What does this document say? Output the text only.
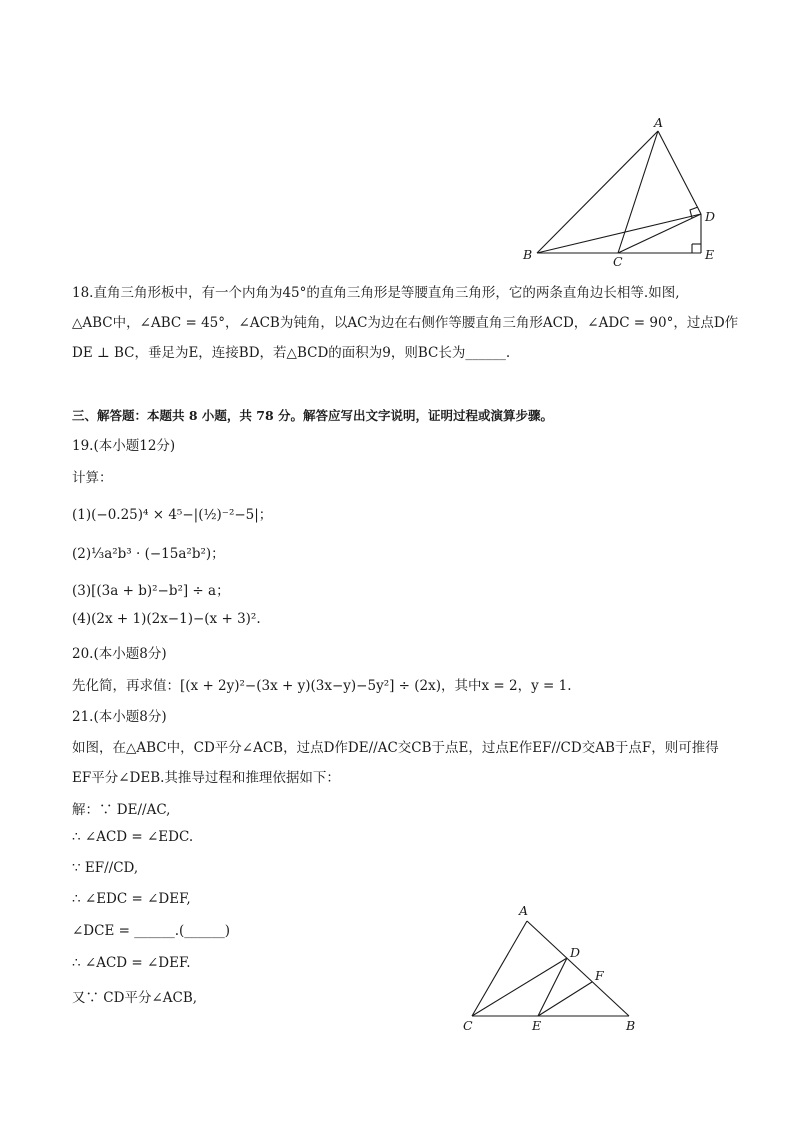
A
B	C
D
E
18.直角三角形板中，有一个内角为45°的直角三角形是等腰直角三角形，它的两条直角边长相等.如图,
△ABC中，∠ABC = 45°，∠ACB为钝角，以AC为边在右侧作等腰直角三角形ACD，∠ADC = 90°，过点D作
DE ⊥ BC，垂足为E，连接BD，若△BCD的面积为9，则BC长为______.
三、解答题：本题共 8 小题，共 78 分。解答应写出文字说明，证明过程或演算步骤。
19.(本小题12分)
计算：
(1)(−0.25)⁴ × 4⁵−|(½)⁻²−5|；
(2)⅓a²b³ · (−15a²b²)；
(3)[(3a + b)²−b²] ÷ a；
(4)(2x + 1)(2x−1)−(x + 3)².
20.(本小题8分)
先化简，再求值：[(x + 2y)²−(3x + y)(3x−y)−5y²] ÷ (2x)，其中x = 2，y = 1.
21.(本小题8分)
如图，在△ABC中，CD平分∠ACB，过点D作DE//AC交CB于点E，过点E作EF//CD交AB于点F，则可推得
EF平分∠DEB.其推导过程和推理依据如下：
解：∵ DE//AC,
∴ ∠ACD = ∠EDC.
∵ EF//CD,
∴ ∠EDC = ∠DEF,
∠DCE = ______.(______)
∴ ∠ACD = ∠DEF.
又∵ CD平分∠ACB,
A
B
C
D
E
F
